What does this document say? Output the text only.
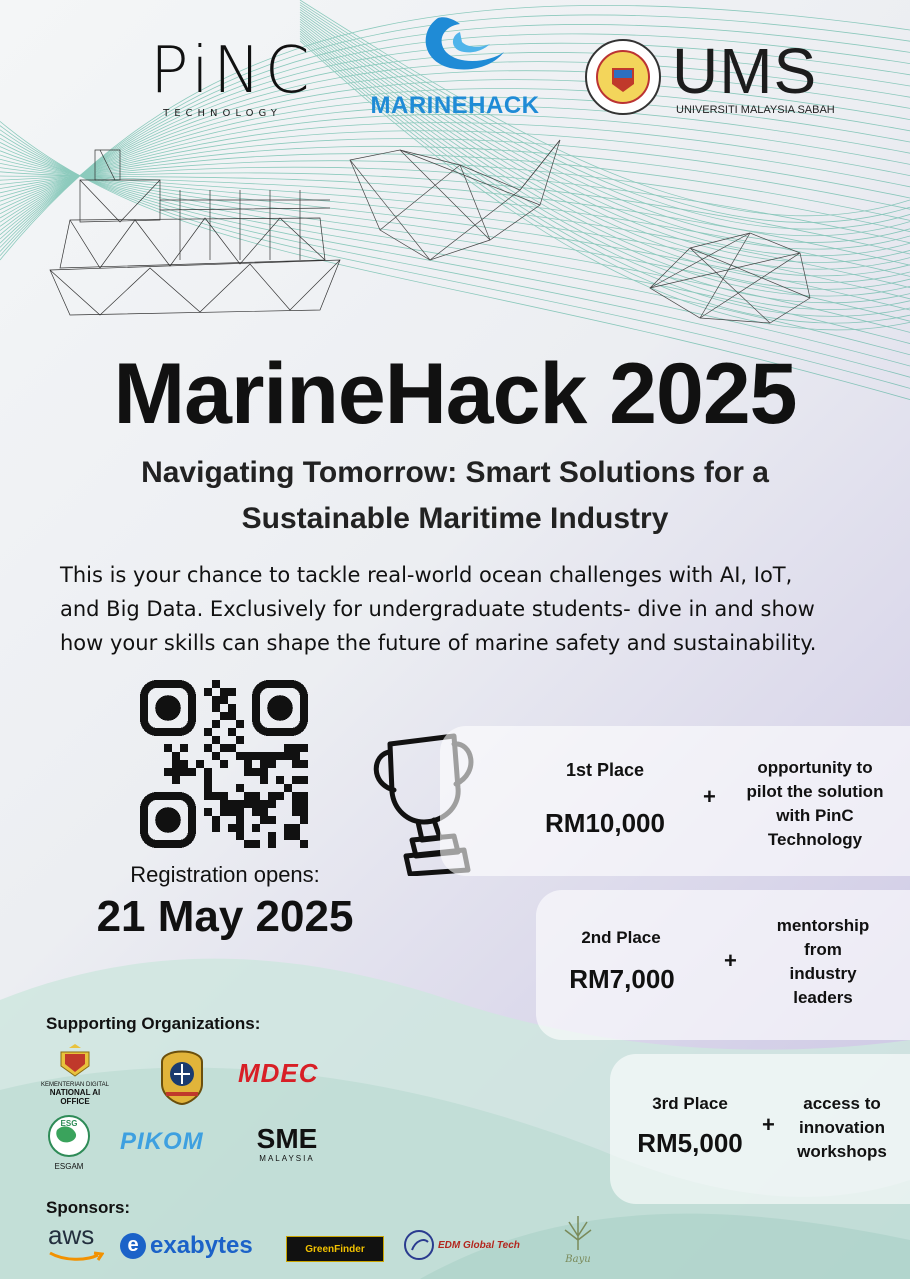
PiNC
TECHNOLOGY	MARINEHACK UMS
UNIVERSITI MALAYSIA SABAH
MarineHack 2025
Navigating Tomorrow: Smart Solutions for a
Sustainable Maritime Industry
This is your chance to tackle real-world ocean challenges with AI, IoT,
and Big Data. Exclusively for undergraduate students- dive in and show
how your skills can shape the future of marine safety and sustainability.
Registration opens:
21 May 2025
1st Place
RM10,000
+
opportunity to
pilot the solution
with PinC
Technology
2nd Place
RM7,000
+
mentorship
from
industry
leaders
3rd Place
RM5,000
+
access to
innovation
workshops
Supporting Organizations:
KEMENTERIAN DIGITAL
NATIONAL AI OFFICE
MDEC
ESG
ESGAM
PIKOM SME
MALAYSIA
Sponsors:
aws	e exabytes	GreenFinder	EDM Global Tech
Bayu
